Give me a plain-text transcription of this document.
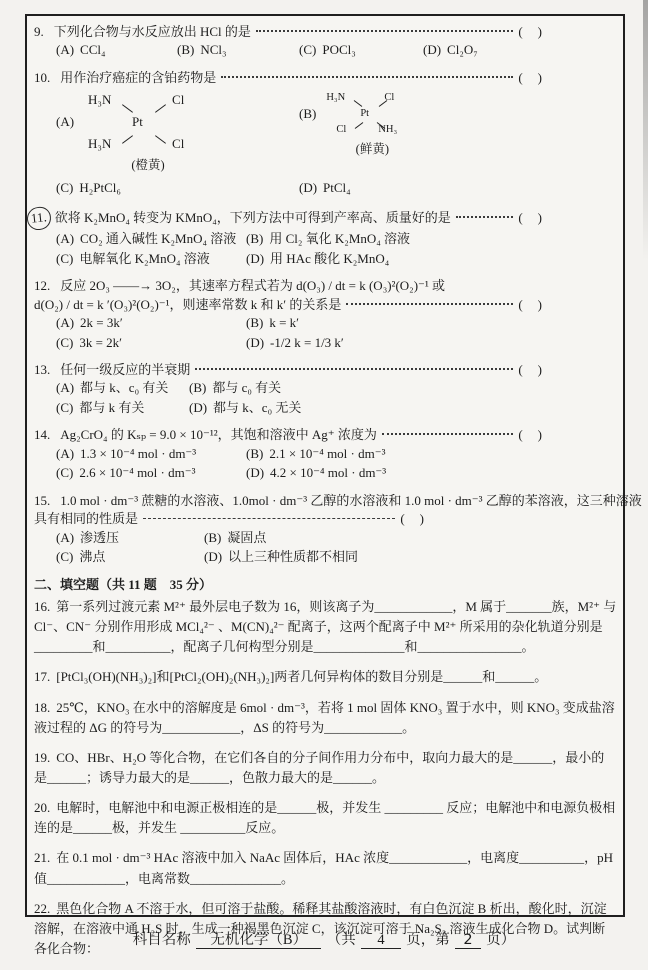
9. 下列化合物与水反应放出 HCl 的是	(　)
(A) CCl₄	(B) NCl₃	(C) POCl₃	(D) Cl₂O₇
10. 用作治疗癌症的含铂药物是	(　)
(A)
H₃N	Cl
Pt
H₃N	Cl
(橙黄)
(B)
H₃N	Cl
Pt
Cl	NH₃
(鲜黄)
(C) H₂PtCl₆	(D) PtCl₄
11. 欲将 K₂MnO₄ 转变为 KMnO₄，下列方法中可得到产率高、质量好的是	(　)
(A) CO₂ 通入碱性 K₂MnO₄ 溶液 (B) 用 Cl₂ 氧化 K₂MnO₄ 溶液
(C) 电解氧化 K₂MnO₄ 溶液	(D) 用 HAc 酸化 K₂MnO₄
12. 反应 2O₃ ——→ 3O₂，其速率方程式若为 d(O₃) / dt = k (O₃)²(O₂)⁻¹ 或
d(O₂) / dt = k ′(O₃)²(O₂)⁻¹，则速率常数 k 和 k′ 的关系是	(　)
(A) 2k = 3k′	(B) k = k′
(C) 3k = 2k′	(D) -1/2 k = 1/3 k′
13. 任何一级反应的半衰期	(　)
(A) 都与 k、c₀ 有关	(B) 都与 c₀ 有关
(C) 都与 k 有关	(D) 都与 k、c₀ 无关
14. Ag₂CrO₄ 的 Kₛₚ = 9.0 × 10⁻¹²，其饱和溶液中 Ag⁺ 浓度为	(　)
(A) 1.3 × 10⁻⁴ mol · dm⁻³	(B) 2.1 × 10⁻⁴ mol · dm⁻³
(C) 2.6 × 10⁻⁴ mol · dm⁻³	(D) 4.2 × 10⁻⁴ mol · dm⁻³
15. 1.0 mol · dm⁻³ 蔗糖的水溶液、1.0mol · dm⁻³ 乙醇的水溶液和 1.0 mol · dm⁻³ 乙醇的苯溶液，这三种溶液
具有相同的性质是	(　)
(A) 渗透压	(B) 凝固点
(C) 沸点	(D) 以上三种性质都不相同
二、填空题（共 11 题　35 分）

16. 第一系列过渡元素 M²⁺ 最外层电子数为 16，则该离子为____________，M 属于_______族，M²⁺ 与 Cl⁻、CN⁻ 分别作用形成 MCl₄²⁻ 、M(CN)₄²⁻ 配离子，这两个配离子中 M²⁺ 所采用的杂化轨道分别是_________和__________，配离子几何构型分别是______________和________________。

17. [PtCl₃(OH)(NH₃)₂]和[PtCl₂(OH)₂(NH₃)₂]两者几何异构体的数目分别是______和______。

18. 25℃，KNO₃ 在水中的溶解度是 6mol · dm⁻³，若将 1 mol 固体 KNO₃ 置于水中，则 KNO₃ 变成盐溶液过程的 ΔG 的符号为____________，ΔS 的符号为____________。

19. CO、HBr、H₂O 等化合物，在它们各自的分子间作用力分布中，取向力最大的是______，最小的是______；诱导力最大的是______，色散力最大的是______。

20. 电解时，电解池中和电源正极相连的是______极，并发生 _________ 反应；电解池中和电源负极相连的是______极，并发生 __________反应。

21. 在 0.1 mol · dm⁻³ HAc 溶液中加入 NaAc 固体后，HAc 浓度____________，电离度__________，pH 值____________，电离常数______________。

22. 黑色化合物 A 不溶于水，但可溶于盐酸。稀释其盐酸溶液时，有白色沉淀 B 析出，酸化时，沉淀溶解，在溶液中通 H₂S 时，生成一种褐黑色沉淀 C，该沉淀可溶于 Na₂S₂ 溶液生成化合物 D。试判断各化合物：

科目名称 无机化学（B） （共 4 页，第 2 页）
